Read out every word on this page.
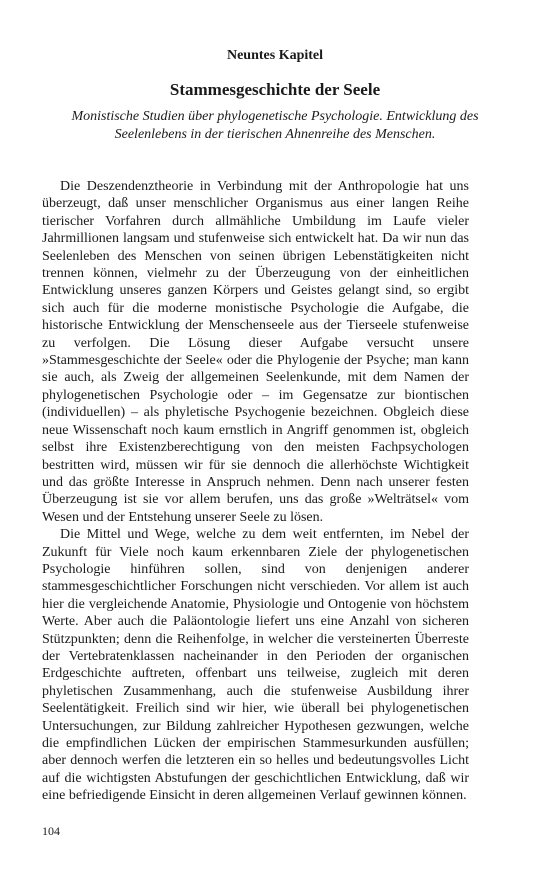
Neuntes Kapitel
Stammesgeschichte der Seele
Monistische Studien über phylogenetische Psychologie. Entwicklung des Seelenlebens in der tierischen Ahnenreihe des Menschen.

Die Deszendenztheorie in Verbindung mit der Anthropologie hat uns überzeugt, daß unser menschlicher Organismus aus einer langen Reihe tierischer Vorfahren durch allmähliche Umbildung im Laufe vieler Jahrmillionen langsam und stufenweise sich entwickelt hat. Da wir nun das Seelenleben des Menschen von seinen übrigen Lebenstätigkeiten nicht trennen können, vielmehr zu der Überzeugung von der einheitlichen Entwicklung unseres ganzen Körpers und Geistes gelangt sind, so ergibt sich auch für die moderne monistische Psychologie die Aufgabe, die historische Entwicklung der Menschenseele aus der Tierseele stufenweise zu verfolgen. Die Lösung dieser Aufgabe versucht unsere »Stammesgeschichte der Seele« oder die Phylogenie der Psyche; man kann sie auch, als Zweig der allgemeinen Seelenkunde, mit dem Namen der phylogenetischen Psychologie oder – im Gegensatze zur biontischen (individuellen) – als phyletische Psychogenie bezeichnen. Obgleich diese neue Wissenschaft noch kaum ernstlich in Angriff genommen ist, obgleich selbst ihre Existenzberechtigung von den meisten Fachpsychologen bestritten wird, müssen wir für sie dennoch die allerhöchste Wichtigkeit und das größte Interesse in Anspruch nehmen. Denn nach unserer festen Überzeugung ist sie vor allem berufen, uns das große »Welträtsel« vom Wesen und der Entstehung unserer Seele zu lösen.

Die Mittel und Wege, welche zu dem weit entfernten, im Nebel der Zukunft für Viele noch kaum erkennbaren Ziele der phylogenetischen Psychologie hinführen sollen, sind von denjenigen anderer stammesgeschichtlicher Forschungen nicht verschieden. Vor allem ist auch hier die vergleichende Anatomie, Physiologie und Ontogenie von höchstem Werte. Aber auch die Paläontologie liefert uns eine Anzahl von sicheren Stützpunkten; denn die Reihenfolge, in welcher die versteinerten Überreste der Vertebratenklassen nacheinander in den Perioden der organischen Erdgeschichte auftreten, offenbart uns teilweise, zugleich mit deren phyletischen Zusammenhang, auch die stufenweise Ausbildung ihrer Seelentätigkeit. Freilich sind wir hier, wie überall bei phylogenetischen Untersuchungen, zur Bildung zahlreicher Hypothesen gezwungen, welche die empfindlichen Lücken der empirischen Stammesurkunden ausfüllen; aber dennoch werfen die letzteren ein so helles und bedeutungsvolles Licht auf die wichtigsten Abstufungen der geschichtlichen Entwicklung, daß wir eine befriedigende Einsicht in deren allgemeinen Verlauf gewinnen können.

104
